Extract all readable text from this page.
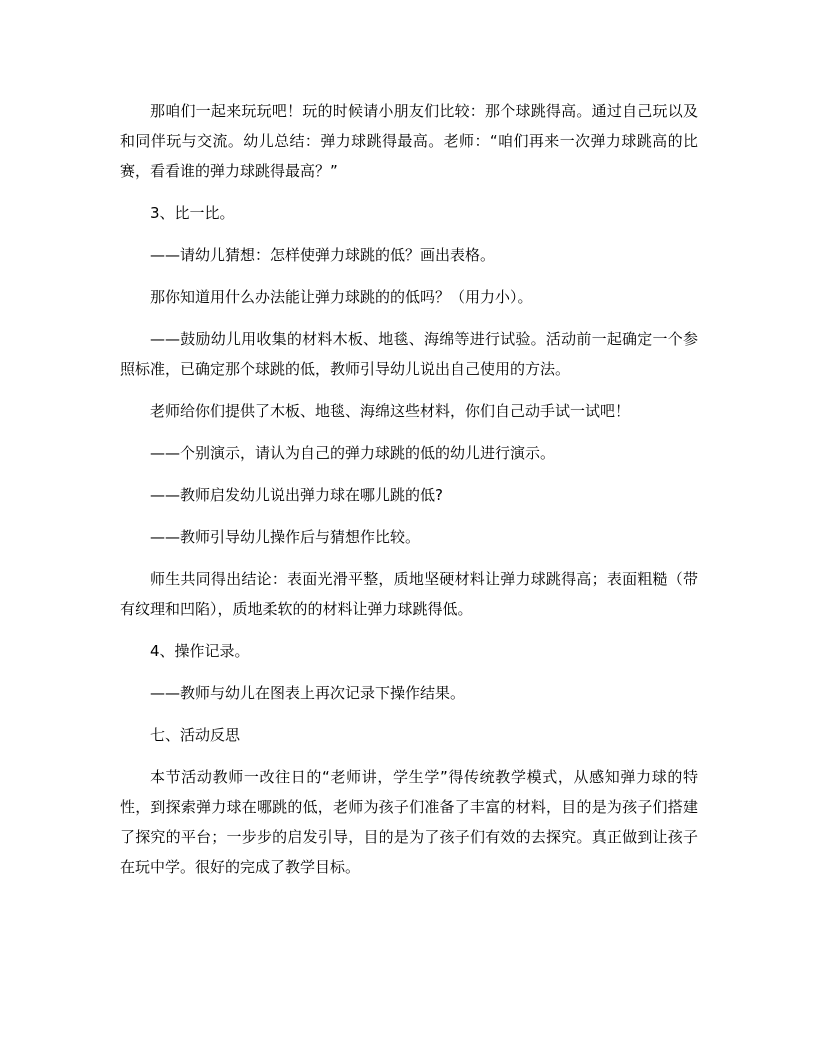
那咱们一起来玩玩吧！玩的时候请小朋友们比较：那个球跳得高。通过自己玩以及和同伴玩与交流。幼儿总结：弹力球跳得最高。老师：“咱们再来一次弹力球跳高的比赛，看看谁的弹力球跳得最高？”

3、比一比。

——请幼儿猜想：怎样使弹力球跳的低？画出表格。

那你知道用什么办法能让弹力球跳的的低吗？（用力小）。

——鼓励幼儿用收集的材料木板、地毯、海绵等进行试验。活动前一起确定一个参照标准，已确定那个球跳的低，教师引导幼儿说出自己使用的方法。

老师给你们提供了木板、地毯、海绵这些材料，你们自己动手试一试吧！

——个别演示，请认为自己的弹力球跳的低的幼儿进行演示。

——教师启发幼儿说出弹力球在哪儿跳的低?

——教师引导幼儿操作后与猜想作比较。

师生共同得出结论：表面光滑平整，质地坚硬材料让弹力球跳得高；表面粗糙（带有纹理和凹陷），质地柔软的的材料让弹力球跳得低。

4、操作记录。

——教师与幼儿在图表上再次记录下操作结果。

七、活动反思

本节活动教师一改往日的“老师讲，学生学”得传统教学模式，从感知弹力球的特性，到探索弹力球在哪跳的低，老师为孩子们准备了丰富的材料，目的是为孩子们搭建了探究的平台；一步步的启发引导，目的是为了孩子们有效的去探究。真正做到让孩子在玩中学。很好的完成了教学目标。
